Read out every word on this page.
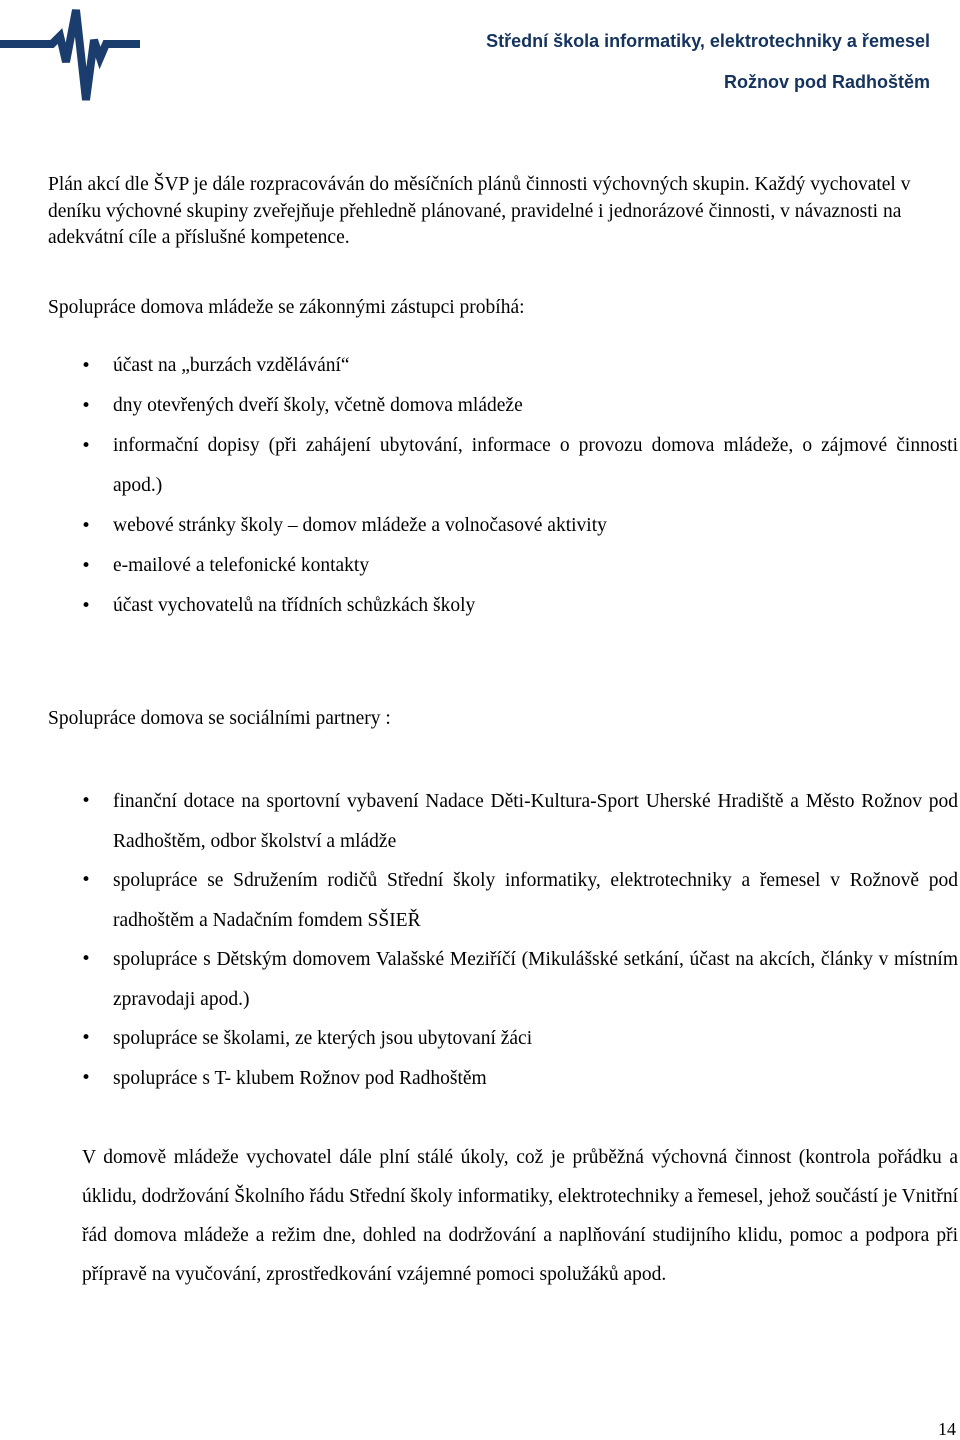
Střední škola informatiky, elektrotechniky a řemesel
Rožnov pod Radhoštěm

Plán akcí dle ŠVP je dále rozpracováván do měsíčních plánů činnosti výchovných skupin. Každý vychovatel v deníku výchovné skupiny zveřejňuje přehledně plánované, pravidelné i jednorázové činnosti, v návaznosti na adekvátní cíle a příslušné kompetence.

Spolupráce domova mládeže se zákonnými zástupci probíhá:

• účast na „burzách vzdělávání“
• dny otevřených dveří školy, včetně domova mládeže
• informační dopisy (při zahájení ubytování, informace o provozu domova mládeže, o zájmové činnosti apod.)
• webové stránky školy – domov mládeže a volnočasové aktivity
• e-mailové a telefonické kontakty
• účast vychovatelů na třídních schůzkách školy

Spolupráce domova se sociálními partnery :

• finanční dotace na sportovní vybavení Nadace Děti-Kultura-Sport Uherské Hradiště a Město Rožnov pod Radhoštěm, odbor školství a mládže
• spolupráce se Sdružením rodičů Střední školy informatiky, elektrotechniky a řemesel v Rožnově pod radhoštěm a Nadačním fomdem SŠIEŘ
• spolupráce s Dětským domovem Valašské Meziříčí (Mikulášské setkání, účast na akcích, články v místním zpravodaji apod.)
• spolupráce se školami, ze kterých jsou ubytovaní žáci
• spolupráce s T- klubem Rožnov pod Radhoštěm

V domově mládeže vychovatel dále plní stálé úkoly, což je průběžná výchovná činnost (kontrola pořádku a úklidu, dodržování Školního řádu Střední školy informatiky, elektrotechniky a řemesel, jehož součástí je Vnitřní řád domova mládeže a režim dne, dohled na dodržování a naplňování studijního klidu, pomoc a podpora při přípravě na vyučování, zprostředkování vzájemné pomoci spolužáků apod.

14
